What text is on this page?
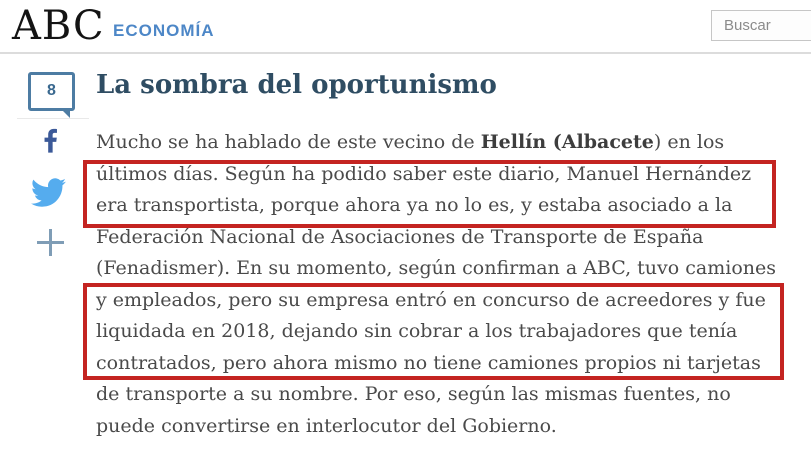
ABC ECONOMÍA
Buscar
8	La sombra del oportunismo
Mucho se ha hablado de este vecino de Hellín (Albacete) en los
últimos días. Según ha podido saber este diario, Manuel Hernández
era transportista, porque ahora ya no lo es, y estaba asociado a la
Federación Nacional de Asociaciones de Transporte de España
(Fenadismer). En su momento, según confirman a ABC, tuvo camiones
y empleados, pero su empresa entró en concurso de acreedores y fue
liquidada en 2018, dejando sin cobrar a los trabajadores que tenía
contratados, pero ahora mismo no tiene camiones propios ni tarjetas
de transporte a su nombre. Por eso, según las mismas fuentes, no
puede convertirse en interlocutor del Gobierno.
